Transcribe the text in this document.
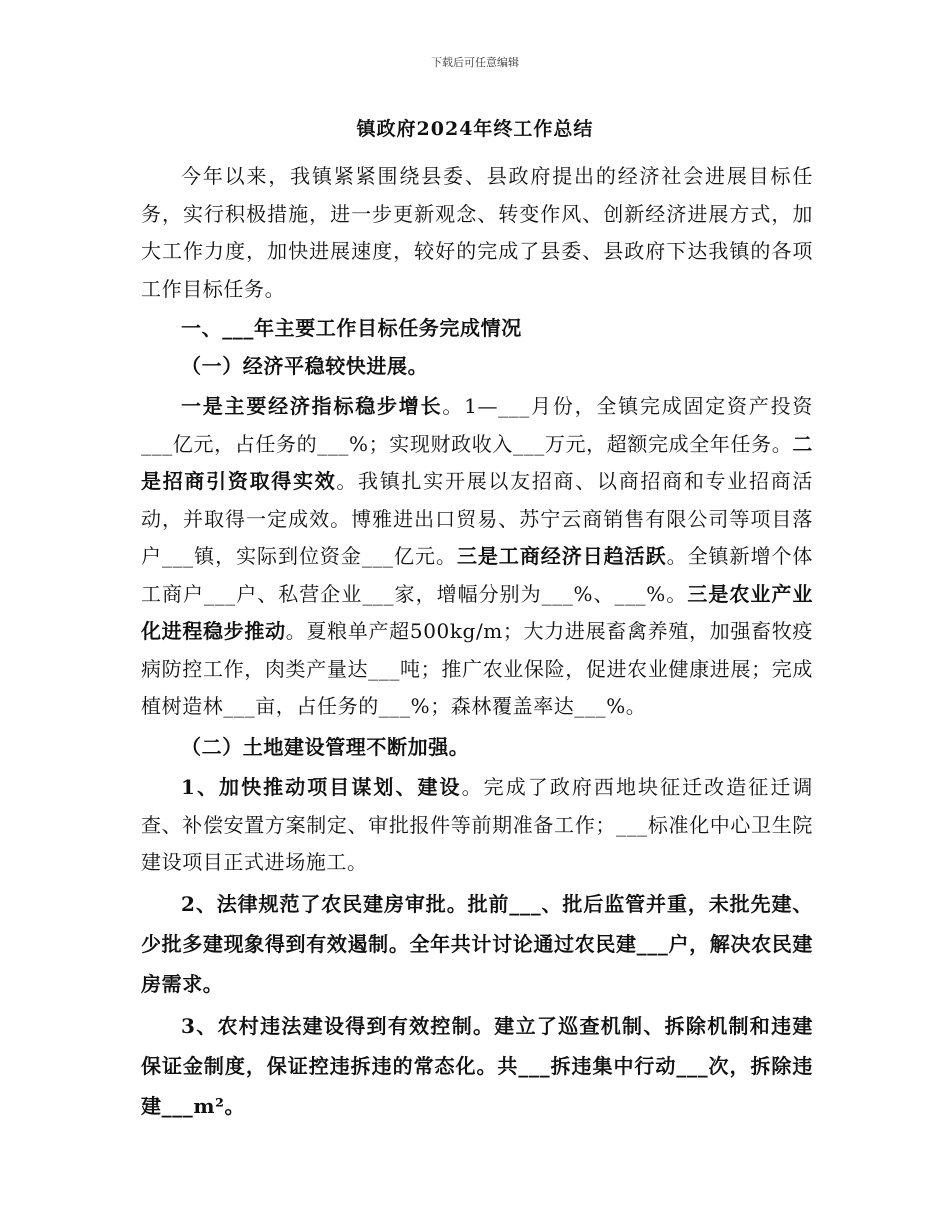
下载后可任意编辑
镇政府2024年终工作总结

今年以来，我镇紧紧围绕县委、县政府提出的经济社会进展目标任务，实行积极措施，进一步更新观念、转变作风、创新经济进展方式，加大工作力度，加快进展速度，较好的完成了县委、县政府下达我镇的各项工作目标任务。

一、___年主要工作目标任务完成情况

（一）经济平稳较快进展。

一是主要经济指标稳步增长。1—___月份，全镇完成固定资产投资___亿元，占任务的___%；实现财政收入___万元，超额完成全年任务。二是招商引资取得实效。我镇扎实开展以友招商、以商招商和专业招商活动，并取得一定成效。博雅进出口贸易、苏宁云商销售有限公司等项目落户___镇，实际到位资金___亿元。三是工商经济日趋活跃。全镇新增个体工商户___户、私营企业___家，增幅分别为___%、___%。三是农业产业化进程稳步推动。夏粮单产超500kg/m；大力进展畜禽养殖，加强畜牧疫病防控工作，肉类产量达___吨；推广农业保险，促进农业健康进展；完成植树造林___亩，占任务的___%；森林覆盖率达___%。

（二）土地建设管理不断加强。

1、加快推动项目谋划、建设。完成了政府西地块征迁改造征迁调查、补偿安置方案制定、审批报件等前期准备工作；___标准化中心卫生院建设项目正式进场施工。

2、法律规范了农民建房审批。批前___、批后监管并重，未批先建、少批多建现象得到有效遏制。全年共计讨论通过农民建___户，解决农民建房需求。

3、农村违法建设得到有效控制。建立了巡查机制、拆除机制和违建保证金制度，保证控违拆违的常态化。共___拆违集中行动___次，拆除违建___m²。
